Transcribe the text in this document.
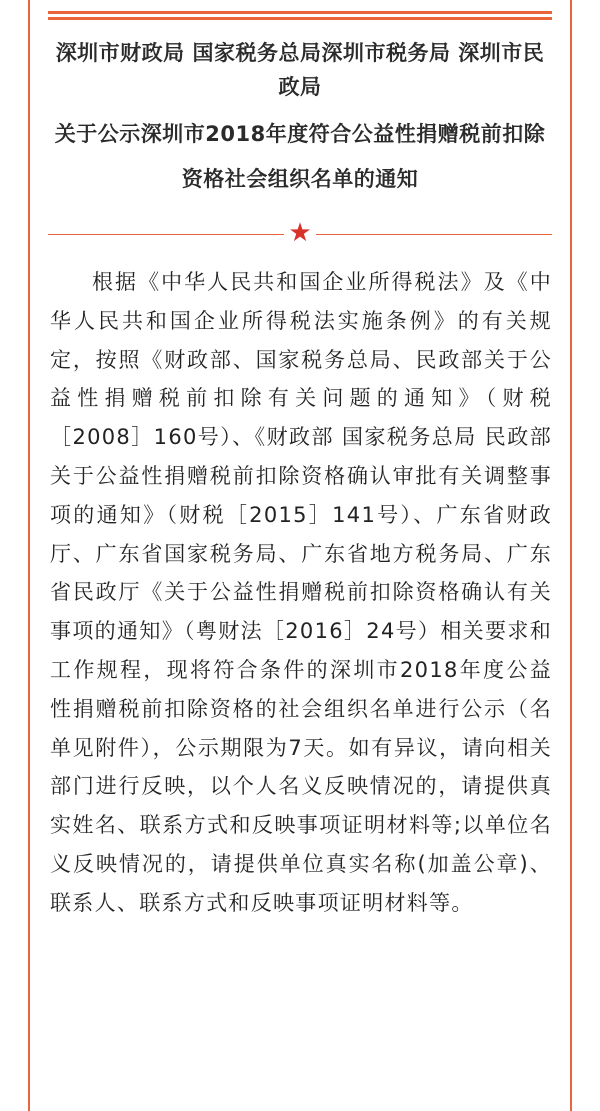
深圳市财政局 国家税务总局深圳市税务局 深圳市民政局
关于公示深圳市2018年度符合公益性捐赠税前扣除资格社会组织名单的通知
★
根据《中华人民共和国企业所得税法》及《中华人民共和国企业所得税法实施条例》的有关规定，按照《财政部、国家税务总局、民政部关于公益性捐赠税前扣除有关问题的通知》（财税［2008］160号）、《财政部 国家税务总局 民政部关于公益性捐赠税前扣除资格确认审批有关调整事项的通知》（财税［2015］141号）、广东省财政厅、广东省国家税务局、广东省地方税务局、广东省民政厅《关于公益性捐赠税前扣除资格确认有关事项的通知》（粤财法［2016］24号）相关要求和工作规程，现将符合条件的深圳市2018年度公益性捐赠税前扣除资格的社会组织名单进行公示（名单见附件），公示期限为7天。如有异议，请向相关部门进行反映，以个人名义反映情况的，请提供真实姓名、联系方式和反映事项证明材料等;以单位名义反映情况的，请提供单位真实名称(加盖公章)、联系人、联系方式和反映事项证明材料等。
